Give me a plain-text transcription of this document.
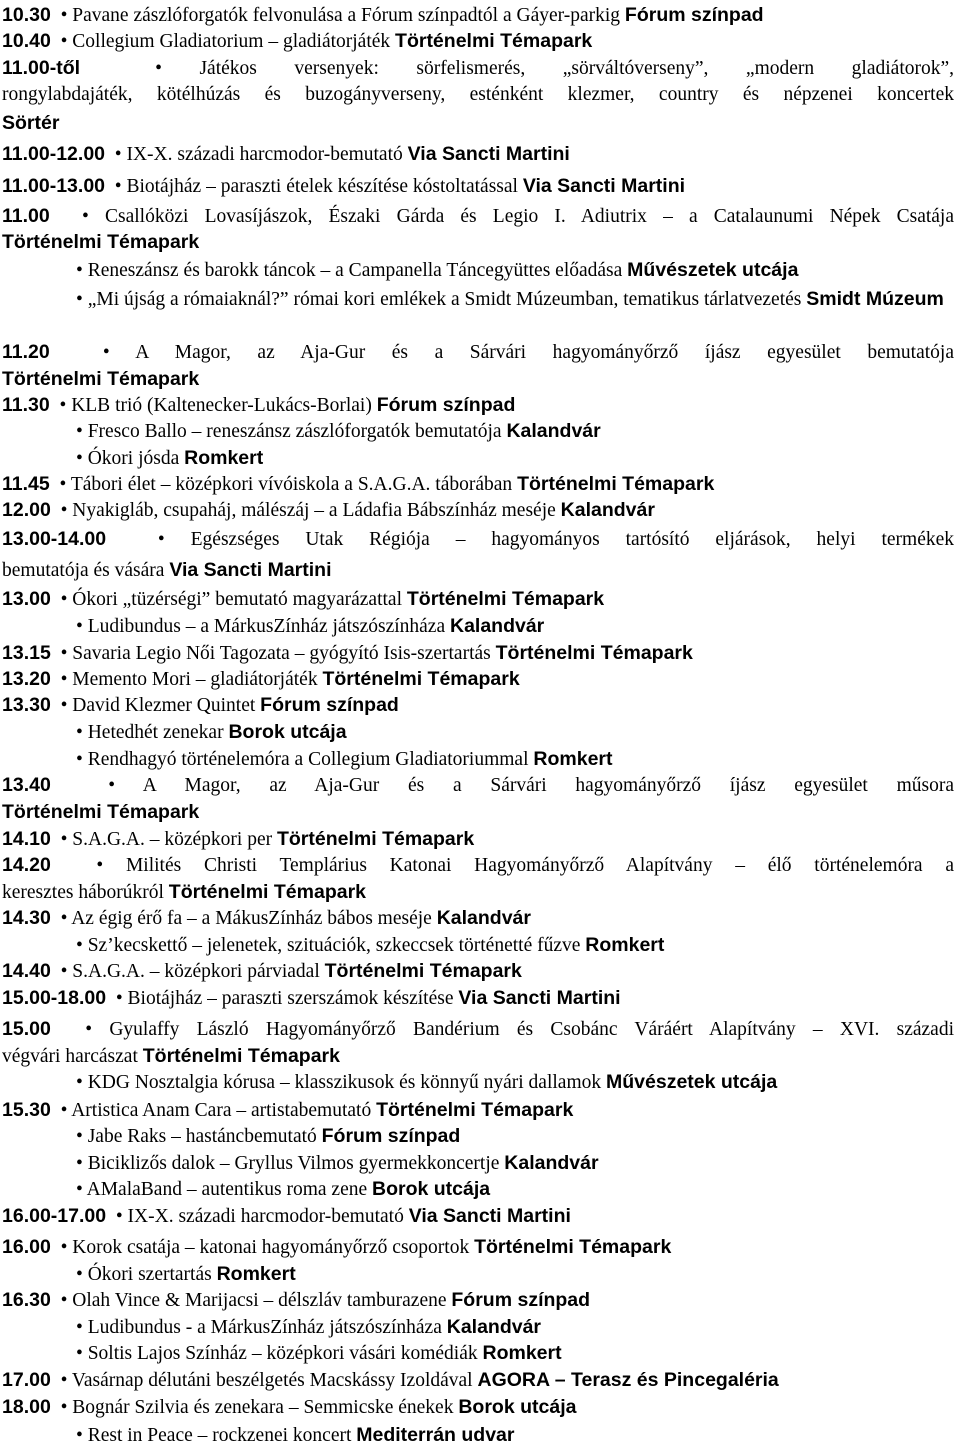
10.30 • Pavane zászlóforgatók felvonulása a Fórum színpadtól a Gáyer-parkig Fórum színpad
10.40 • Collegium Gladiatorium – gladiátorjáték Történelmi Témapark
11.00-től	• Játékos versenyek: sörfelismerés, „sörváltóverseny”, „modern gladiátorok”,
rongylabdajáték, kötélhúzás és buzogányverseny, esténként klezmer, country és népzenei koncertek
Sörtér
11.00-12.00 • IX-X. századi harcmodor-bemutató Via Sancti Martini
11.00-13.00 • Biotájház – paraszti ételek készítése kóstoltatással Via Sancti Martini
11.00 • Csallóközi Lovasíjászok, Északi Gárda és Legio I. Adiutrix – a Catalaunumi Népek Csatája
Történelmi Témapark
• Reneszánsz és barokk táncok – a Campanella Táncegyüttes előadása Művészetek utcája
• „Mi újság a rómaiaknál?” római kori emlékek a Smidt Múzeumban, tematikus tárlatvezetés Smidt Múzeum
11.20	• A Magor, az Aja-Gur és a Sárvári hagyományőrző íjász egyesület bemutatója
Történelmi Témapark
11.30 • KLB trió (Kaltenecker-Lukács-Borlai) Fórum színpad
• Fresco Ballo – reneszánsz zászlóforgatók bemutatója Kalandvár
• Ókori jósda Romkert
11.45 • Tábori élet – középkori vívóiskola a S.A.G.A. táborában Történelmi Témapark
12.00 • Nyakigláb, csupaháj, málészáj – a Ládafia Bábszínház meséje Kalandvár
13.00-14.00	• Egészséges Utak Régiója – hagyományos tartósító eljárások, helyi termékek
bemutatója és vására Via Sancti Martini
13.00 • Ókori „tüzérségi” bemutató magyarázattal Történelmi Témapark
• Ludibundus – a MárkusZínház játszószínháza Kalandvár
13.15 • Savaria Legio Női Tagozata – gyógyító Isis-szertartás Történelmi Témapark
13.20 • Memento Mori – gladiátorjáték Történelmi Témapark
13.30 • David Klezmer Quintet Fórum színpad
• Hetedhét zenekar Borok utcája
• Rendhagyó történelemóra a Collegium Gladiatoriummal Romkert
13.40	• A Magor, az Aja-Gur és a Sárvári hagyományőrző íjász egyesület műsora
Történelmi Témapark
14.10 • S.A.G.A. – középkori per Történelmi Témapark
14.20 • Milités Christi Templárius Katonai Hagyományőrző Alapítvány – élő történelemóra a
keresztes háborúkról Történelmi Témapark
14.30 • Az égig érő fa – a MákusZínház bábos meséje Kalandvár
• Sz’kecskettő – jelenetek, szituációk, szkeccsek történetté fűzve Romkert
14.40 • S.A.G.A. – középkori párviadal Történelmi Témapark
15.00-18.00 • Biotájház – paraszti szerszámok készítése Via Sancti Martini
15.00 • Gyulaffy László Hagyományőrző Bandérium és Csobánc Váráért Alapítvány – XVI. századi
végvári harcászat Történelmi Témapark
• KDG Nosztalgia kórusa – klasszikusok és könnyű nyári dallamok Művészetek utcája
15.30 • Artistica Anam Cara – artistabemutató Történelmi Témapark
• Jabe Raks – hastáncbemutató Fórum színpad
• Biciklizős dalok – Gryllus Vilmos gyermekkoncertje Kalandvár
• AMalaBand – autentikus roma zene Borok utcája
16.00-17.00 • IX-X. századi harcmodor-bemutató Via Sancti Martini
16.00 • Korok csatája – katonai hagyományőrző csoportok Történelmi Témapark
• Ókori szertartás Romkert
16.30 • Olah Vince & Marijacsi – délszláv tamburazene Fórum színpad
• Ludibundus - a MárkusZínház játszószínháza Kalandvár
• Soltis Lajos Színház – középkori vásári komédiák Romkert
17.00 • Vasárnap délutáni beszélgetés Macskássy Izoldával AGORA – Terasz és Pincegaléria
18.00 • Bognár Szilvia és zenekara – Semmicske énekek Borok utcája
• Rest in Peace – rockzenei koncert Mediterrán udvar
